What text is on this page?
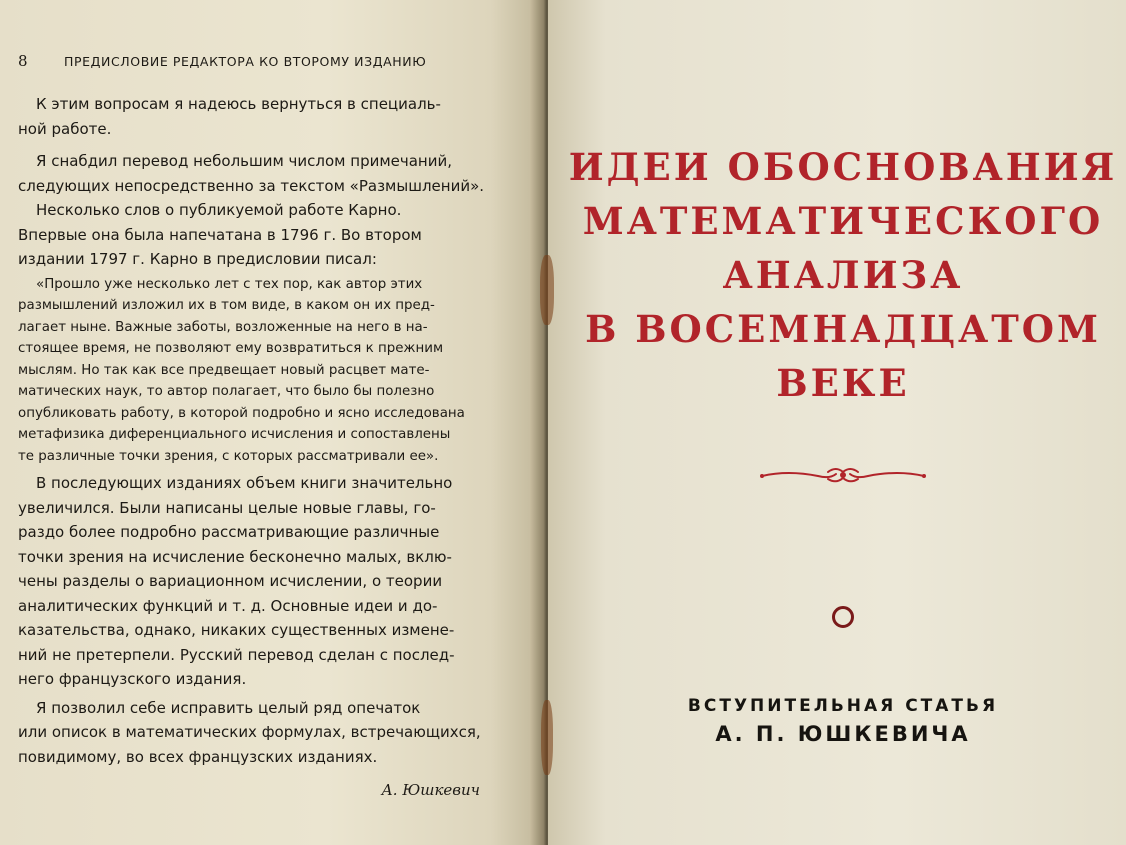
8	ПРЕДИСЛОВИЕ РЕДАКТОРА КО ВТОРОМУ ИЗДАНИЮ

К этим вопросам я надеюсь вернуться в специаль-
ной работе.

Я снабдил перевод небольшим числом примечаний,
следующих непосредственно за текстом «Размышлений».

Несколько слов о публикуемой работе Карно.
Впервые она была напечатана в 1796 г. Во втором
издании 1797 г. Карно в предисловии писал:

«Прошло уже несколько лет с тех пор, как автор этих
размышлений изложил их в том виде, в каком он их пред-
лагает ныне. Важные заботы, возложенные на него в на-
стоящее время, не позволяют ему возвратиться к прежним
мыслям. Но так как все предвещает новый расцвет мате-
матических наук, то автор полагает, что было бы полезно
опубликовать работу, в которой подробно и ясно исследована
метафизика диференциального исчисления и сопоставлены
те различные точки зрения, с которых рассматривали ее».

В последующих изданиях объем книги значительно
увеличился. Были написаны целые новые главы, го-
раздо более подробно рассматривающие различные
точки зрения на исчисление бесконечно малых, вклю-
чены разделы о вариационном исчислении, о теории
аналитических функций и т. д. Основные идеи и до-
казательства, однако, никаких существенных измене-
ний не претерпели. Русский перевод сделан с послед-
него французского издания.

Я позволил себе исправить целый ряд опечаток
или описок в математических формулах, встречающихся,
повидимому, во всех французских изданиях.

А. Юшкевич
ИДЕИ ОБОСНОВАНИЯ
МАТЕМАТИЧЕСКОГО
АНАЛИЗА
В ВОСЕМНАДЦАТОМ
ВЕКЕ
ВСТУПИТЕЛЬНАЯ СТАТЬЯ
А. П. ЮШКЕВИЧА
